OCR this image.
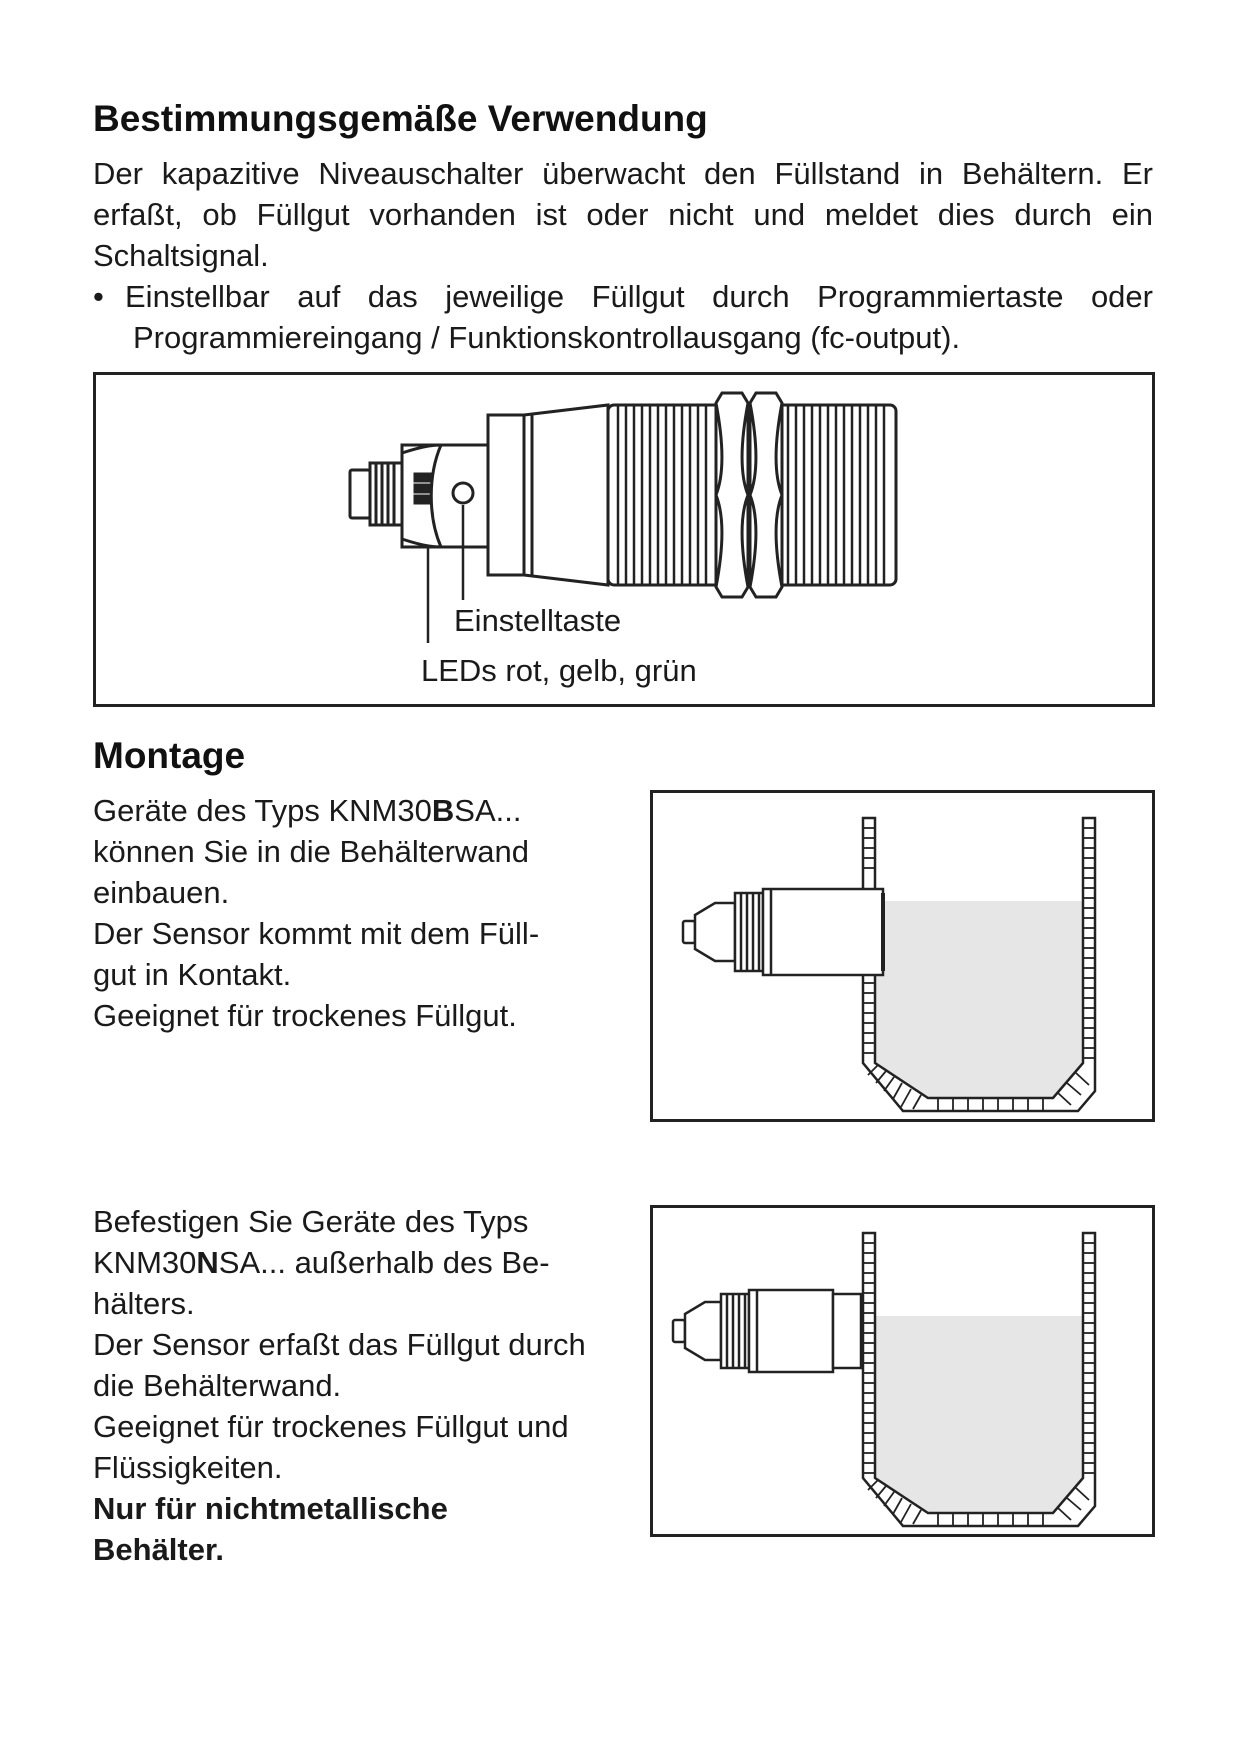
Bestimmungsgemäße Verwendung

Der kapazitive Niveauschalter überwacht den Füllstand in Behältern. Er

erfaßt, ob Füllgut vorhanden ist oder nicht und meldet dies durch ein

Schaltsignal.

• Einstellbar auf das jeweilige Füllgut durch Programmiertaste oder
Programmiereingang / Funktionskontrollausgang (fc-output).
Einstelltaste
LEDs rot, gelb, grün
Montage

Geräte des Typs KNM30BSA...

können Sie in die Behälterwand

einbauen.

Der Sensor kommt mit dem Füll-

gut in Kontakt.

Geeignet für trockenes Füllgut.

Befestigen Sie Geräte des Typs

KNM30NSA... außerhalb des Be-

hälters.

Der Sensor erfaßt das Füllgut durch

die Behälterwand.

Geeignet für trockenes Füllgut und

Flüssigkeiten.

Nur für nichtmetallische

Behälter.
